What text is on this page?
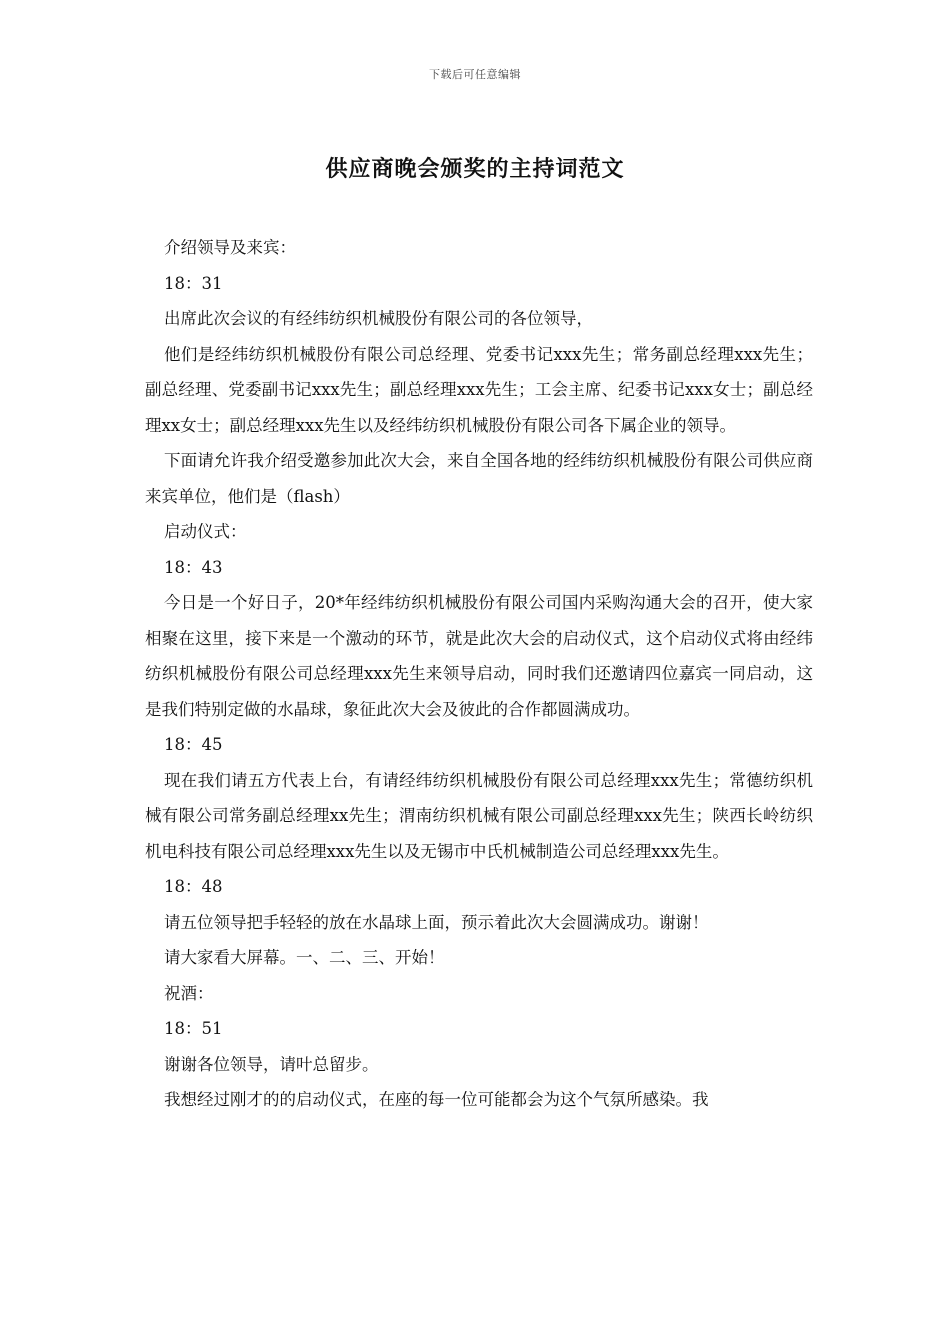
下载后可任意编辑
供应商晚会颁奖的主持词范文

介绍领导及来宾：

18：31

出席此次会议的有经纬纺织机械股份有限公司的各位领导，

他们是经纬纺织机械股份有限公司总经理、党委书记xxx先生；常务副总经理xxx先生；副总经理、党委副书记xxx先生；副总经理xxx先生；工会主席、纪委书记xxx女士；副总经理xx女士；副总经理xxx先生以及经纬纺织机械股份有限公司各下属企业的领导。

下面请允许我介绍受邀参加此次大会，来自全国各地的经纬纺织机械股份有限公司供应商来宾单位，他们是（flash）

启动仪式：

18：43

今日是一个好日子，20*年经纬纺织机械股份有限公司国内采购沟通大会的召开，使大家相聚在这里，接下来是一个激动的环节，就是此次大会的启动仪式，这个启动仪式将由经纬纺织机械股份有限公司总经理xxx先生来领导启动，同时我们还邀请四位嘉宾一同启动，这是我们特别定做的水晶球，象征此次大会及彼此的合作都圆满成功。

18：45

现在我们请五方代表上台，有请经纬纺织机械股份有限公司总经理xxx先生；常德纺织机械有限公司常务副总经理xx先生；渭南纺织机械有限公司副总经理xxx先生；陕西长岭纺织机电科技有限公司总经理xxx先生以及无锡市中氏机械制造公司总经理xxx先生。

18：48

请五位领导把手轻轻的放在水晶球上面，预示着此次大会圆满成功。谢谢！

请大家看大屏幕。一、二、三、开始！

祝酒：

18：51

谢谢各位领导，请叶总留步。

我想经过刚才的的启动仪式，在座的每一位可能都会为这个气氛所感染。我
